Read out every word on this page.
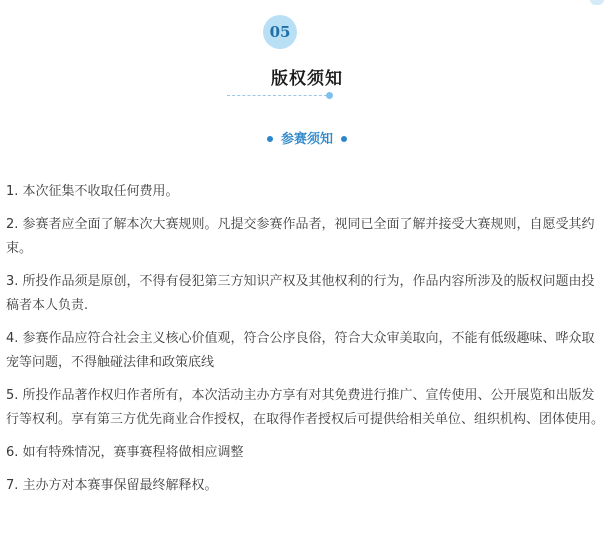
05
版权须知
参赛须知
1. 本次征集不收取任何费用。
2. 参赛者应全面了解本次大赛规则。凡提交参赛作品者，视同已全面了解并接受大赛规则，自愿受其约束。
3. 所投作品须是原创，不得有侵犯第三方知识产权及其他权利的行为，作品内容所涉及的版权问题由投稿者本人负责.
4. 参赛作品应符合社会主义核心价值观，符合公序良俗，符合大众审美取向，不能有低级趣味、哗众取宠等问题，不得触碰法律和政策底线
5. 所投作品著作权归作者所有，本次活动主办方享有对其免费进行推广、宣传使用、公开展览和出版发行等权利。享有第三方优先商业合作授权，在取得作者授权后可提供给相关单位、组织机构、团体使用。
6. 如有特殊情况，赛事赛程将做相应调整
7. 主办方对本赛事保留最终解释权。
